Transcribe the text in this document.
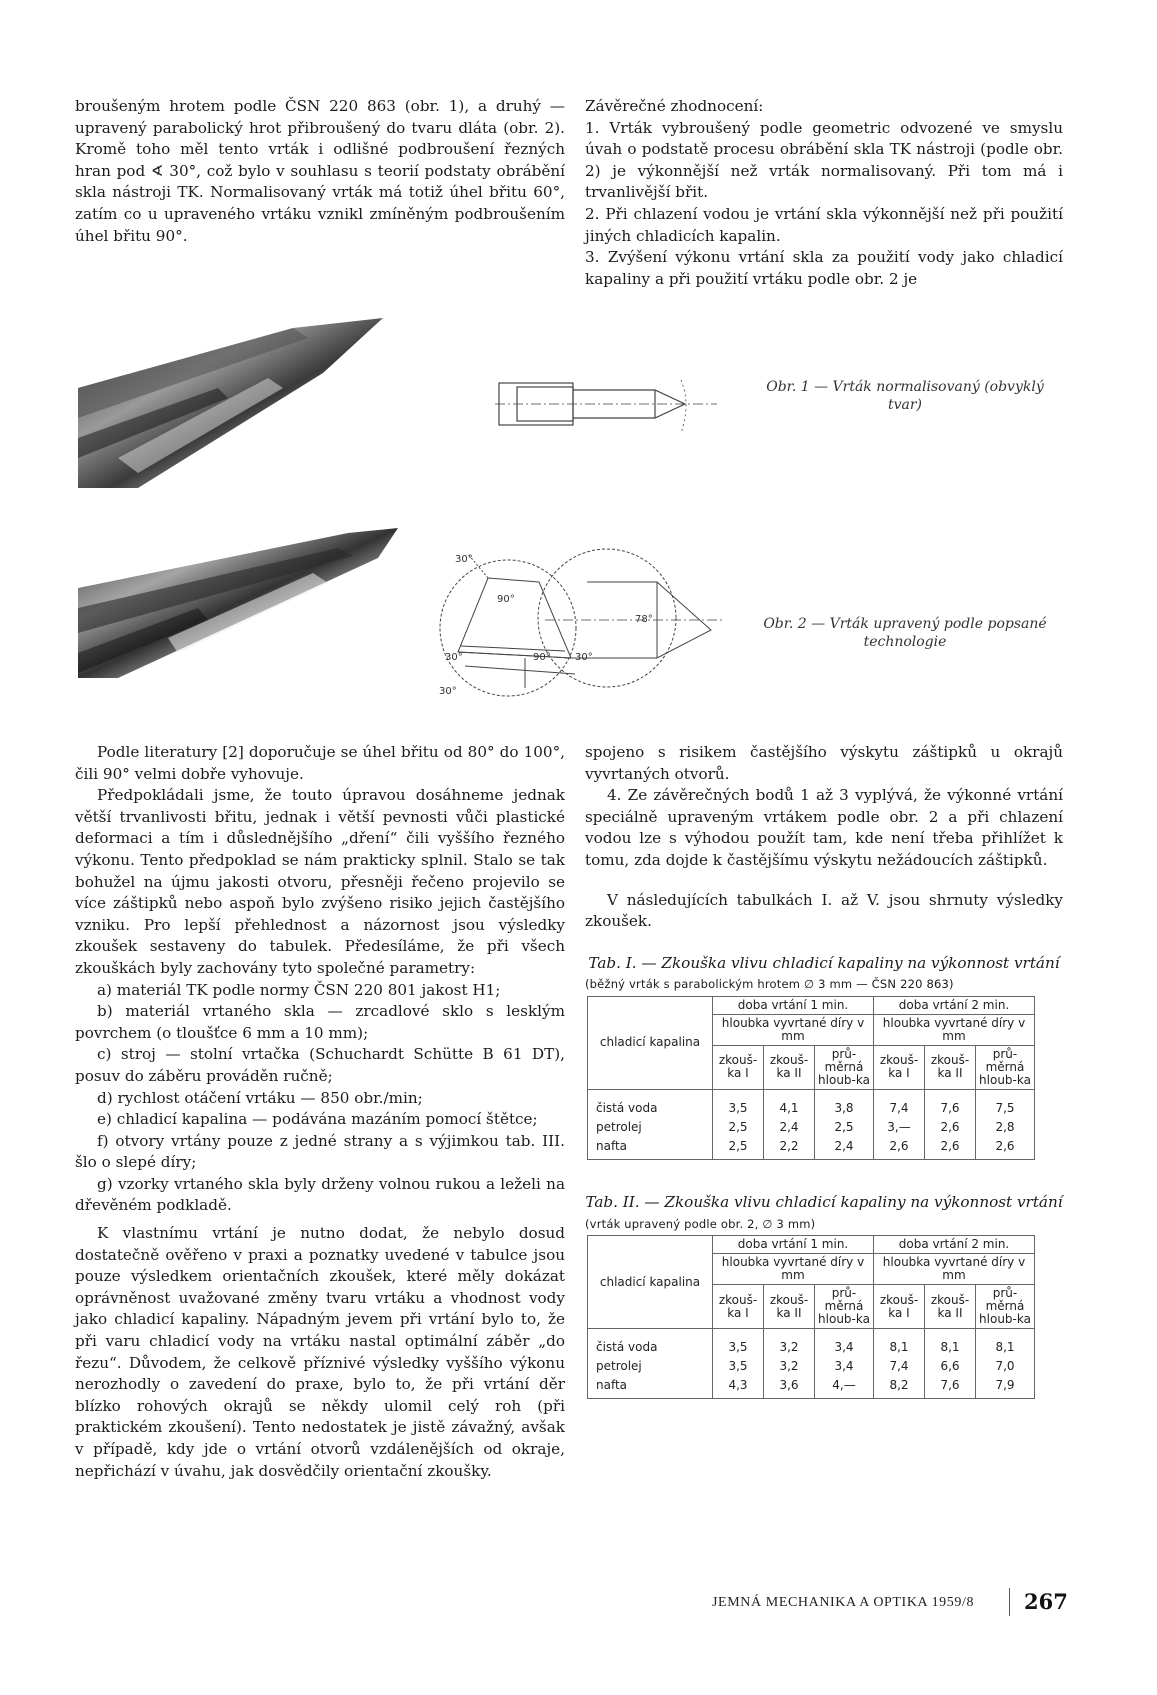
broušeným hrotem podle ČSN 220 863 (obr. 1), a druhý — upravený parabolický hrot přibroušený do tvaru dláta (obr. 2). Kromě toho měl tento vrták i odlišné podbroušení řezných hran pod ∢ 30°, což bylo v souhlasu s teorií podstaty obrábění skla nástroji TK. Normalisovaný vrták má totiž úhel břitu 60°, zatím co u upraveného vrtáku vznikl zmíněným podbroušením úhel břitu 90°.

Závěrečné zhodnocení:

1. Vrták vybroušený podle geometric odvozené ve smyslu úvah o podstatě procesu obrábění skla TK nástroji (podle obr. 2) je výkonnější než vrták normalisovaný. Při tom má i trvanlivější břit.

2. Při chlazení vodou je vrtání skla výkonnější než při použití jiných chladicích kapalin.

3. Zvýšení výkonu vrtání skla za použití vody jako chladicí kapaliny a při použití vrtáku podle obr. 2 je

Obr. 1 — Vrták normalisovaný (obvyklý tvar)
30°
90°
30°	90° 30°
30°
78°	Obr. 2 — Vrták upravený podle popsané technologie

Podle literatury [2] doporučuje se úhel břitu od 80° do 100°, čili 90° velmi dobře vyhovuje.

Předpokládali jsme, že touto úpravou dosáhneme jednak větší trvanlivosti břitu, jednak i větší pevnosti vůči plastické deformaci a tím i důslednějšího „dření“ čili vyššího řezného výkonu. Tento předpoklad se nám prakticky splnil. Stalo se tak bohužel na újmu jakosti otvoru, přesněji řečeno projevilo se více záštipků nebo aspoň bylo zvýšeno risiko jejich častějšího vzniku. Pro lepší přehlednost a názornost jsou výsledky zkoušek sestaveny do tabulek. Předesíláme, že při všech zkouškách byly zachovány tyto společné parametry:

a) materiál TK podle normy ČSN 220 801 jakost H1;

b) materiál vrtaného skla — zrcadlové sklo s lesklým povrchem (o tloušťce 6 mm a 10 mm);

c) stroj — stolní vrtačka (Schuchardt Schütte B 61 DT), posuv do záběru prováděn ručně;

d) rychlost otáčení vrtáku — 850 obr./min;

e) chladicí kapalina — podávána mazáním pomocí štětce;

f) otvory vrtány pouze z jedné strany a s výjimkou tab. III. šlo o slepé díry;

g) vzorky vrtaného skla byly drženy volnou rukou a leželi na dřevěném podkladě.

K vlastnímu vrtání je nutno dodat, že nebylo dosud dostatečně ověřeno v praxi a poznatky uvedené v tabulce jsou pouze výsledkem orientačních zkoušek, které měly dokázat oprávněnost uvažované změny tvaru vrtáku a vhodnost vody jako chladicí kapaliny. Nápadným jevem při vrtání bylo to, že při varu chladicí vody na vrtáku nastal optimální záběr „do řezu“. Důvodem, že celkově příznivé výsledky vyššího výkonu nerozhodly o zavedení do praxe, bylo to, že při vrtání děr blízko rohových okrajů se někdy ulomil celý roh (při praktickém zkoušení). Tento nedostatek je jistě závažný, avšak v případě, kdy jde o vrtání otvorů vzdálenějších od okraje, nepřichází v úvahu, jak dosvědčily orientační zkoušky.

spojeno s risikem častějšího výskytu záštipků u okrajů vyvrtaných otvorů.

4. Ze závěrečných bodů 1 až 3 vyplývá, že výkonné vrtání speciálně upraveným vrtákem podle obr. 2 a při chlazení vodou lze s výhodou použít tam, kde není třeba přihlížet k tomu, zda dojde k častějšímu výskytu nežádoucích záštipků.

V následujících tabulkách I. až V. jsou shrnuty výsledky zkoušek.

Tab. I. — Zkouška vlivu chladicí kapaliny na výkonnost vrtání

(běžný vrták s parabolickým hrotem ∅ 3 mm — ČSN 220 863)

chladicí kapalina	doba vrtání 1 min.			doba vrtání 2 min.		
	hloubka vyvrtané díry v mm			hloubka vyvrtané díry v mm		
	zkouš-ka I	zkouš-ka II	prů-měrná hloub-ka	zkouš-ka I	zkouš-ka II	prů-měrná hloub-ka
čistá voda	3,5	4,1	3,8	7,4	7,6	7,5
petrolej	2,5	2,4	2,5	3,—	2,6	2,8
nafta	2,5	2,2	2,4	2,6	2,6	2,6

Tab. II. — Zkouška vlivu chladicí kapaliny na výkonnost vrtání

(vrták upravený podle obr. 2, ∅ 3 mm)

chladicí kapalina	doba vrtání 1 min.			doba vrtání 2 min.		
	hloubka vyvrtané díry v mm			hloubka vyvrtané díry v mm		
	zkouš-ka I	zkouš-ka II	prů-měrná hloub-ka	zkouš-ka I	zkouš-ka II	prů-měrná hloub-ka
čistá voda	3,5	3,2	3,4	8,1	8,1	8,1
petrolej	3,5	3,2	3,4	7,4	6,6	7,0
nafta	4,3	3,6	4,—	8,2	7,6	7,9
JEMNÁ MECHANIKA A OPTIKA 1959/8 267
